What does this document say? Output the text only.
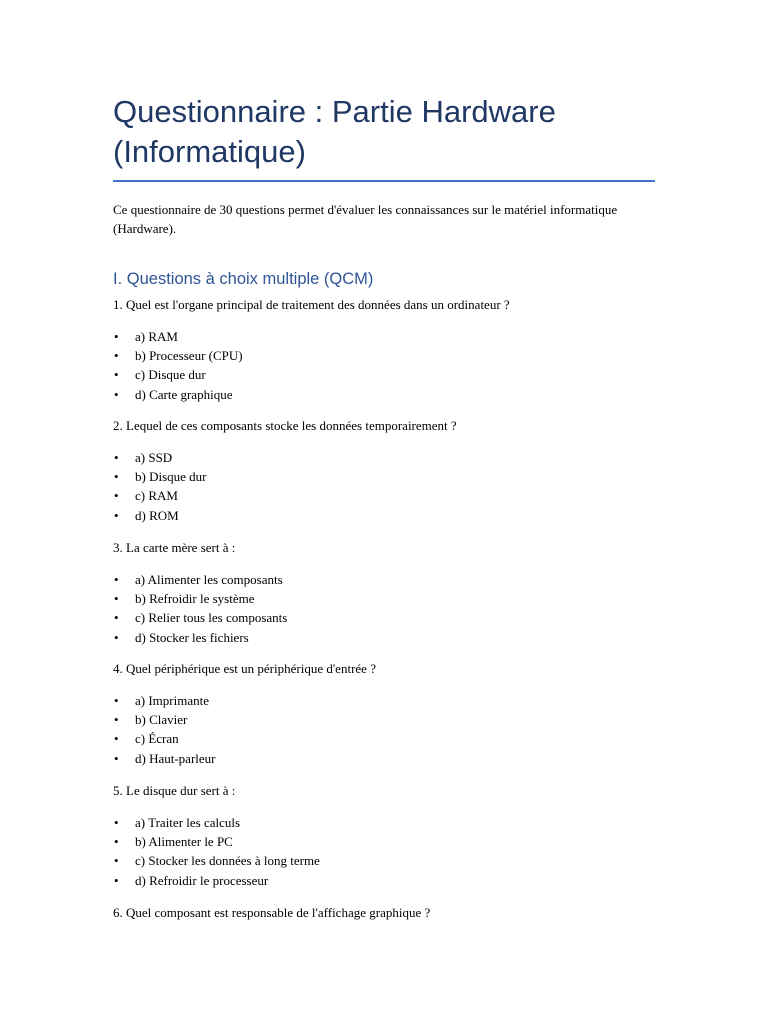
Questionnaire : Partie Hardware (Informatique)

Ce questionnaire de 30 questions permet d'évaluer les connaissances sur le matériel informatique (Hardware).

I. Questions à choix multiple (QCM)

1. Quel est l'organe principal de traitement des données dans un ordinateur ?

• a) RAM
• b) Processeur (CPU)
• c) Disque dur
• d) Carte graphique

2. Lequel de ces composants stocke les données temporairement ?

• a) SSD
• b) Disque dur
• c) RAM
• d) ROM

3. La carte mère sert à :

• a) Alimenter les composants
• b) Refroidir le système
• c) Relier tous les composants
• d) Stocker les fichiers

4. Quel périphérique est un périphérique d'entrée ?

• a) Imprimante
• b) Clavier
• c) Écran
• d) Haut-parleur

5. Le disque dur sert à :

• a) Traiter les calculs
• b) Alimenter le PC
• c) Stocker les données à long terme
• d) Refroidir le processeur

6. Quel composant est responsable de l'affichage graphique ?
